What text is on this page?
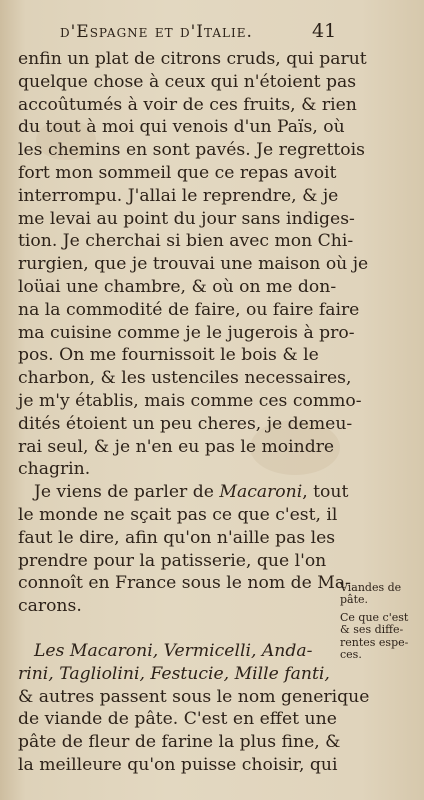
d'Espagne et d'Italie.	41
enfin un plat de citrons cruds, qui parut
quelque chose à ceux qui n'étoient pas
accoûtumés à voir de ces fruits, & rien
du tout à moi qui venois d'un Païs, où
les chemins en sont pavés. Je regrettois
fort mon sommeil que ce repas avoit
interrompu. J'allai le reprendre, & je
me levai au point du jour sans indiges-
tion. Je cherchai si bien avec mon Chi-
rurgien, que je trouvai une maison où je
loüai une chambre, & où on me don-
na la commodité de faire, ou faire faire
ma cuisine comme je le jugerois à pro-
pos. On me fournissoit le bois & le
charbon, & les ustenciles necessaires,
je m'y établis, mais comme ces commo-
dités étoient un peu cheres, je demeu-
rai seul, & je n'en eu pas le moindre
chagrin.
Je viens de parler de Macaroni, tout
le monde ne sçait pas ce que c'est, il
faut le dire, afin qu'on n'aille pas les
prendre pour la patisserie, que l'on
connoît en France sous le nom de Ma-
carons.
Les Macaroni, Vermicelli, Anda-
rini, Tagliolini, Festucie, Mille fanti,
& autres passent sous le nom generique
de viande de pâte. C'est en effet une
pâte de fleur de farine la plus fine, &
la meilleure qu'on puisse choisir, qui
Viandes de
pâte.
Ce que c'est
& ses diffe-
rentes espe-
ces.
